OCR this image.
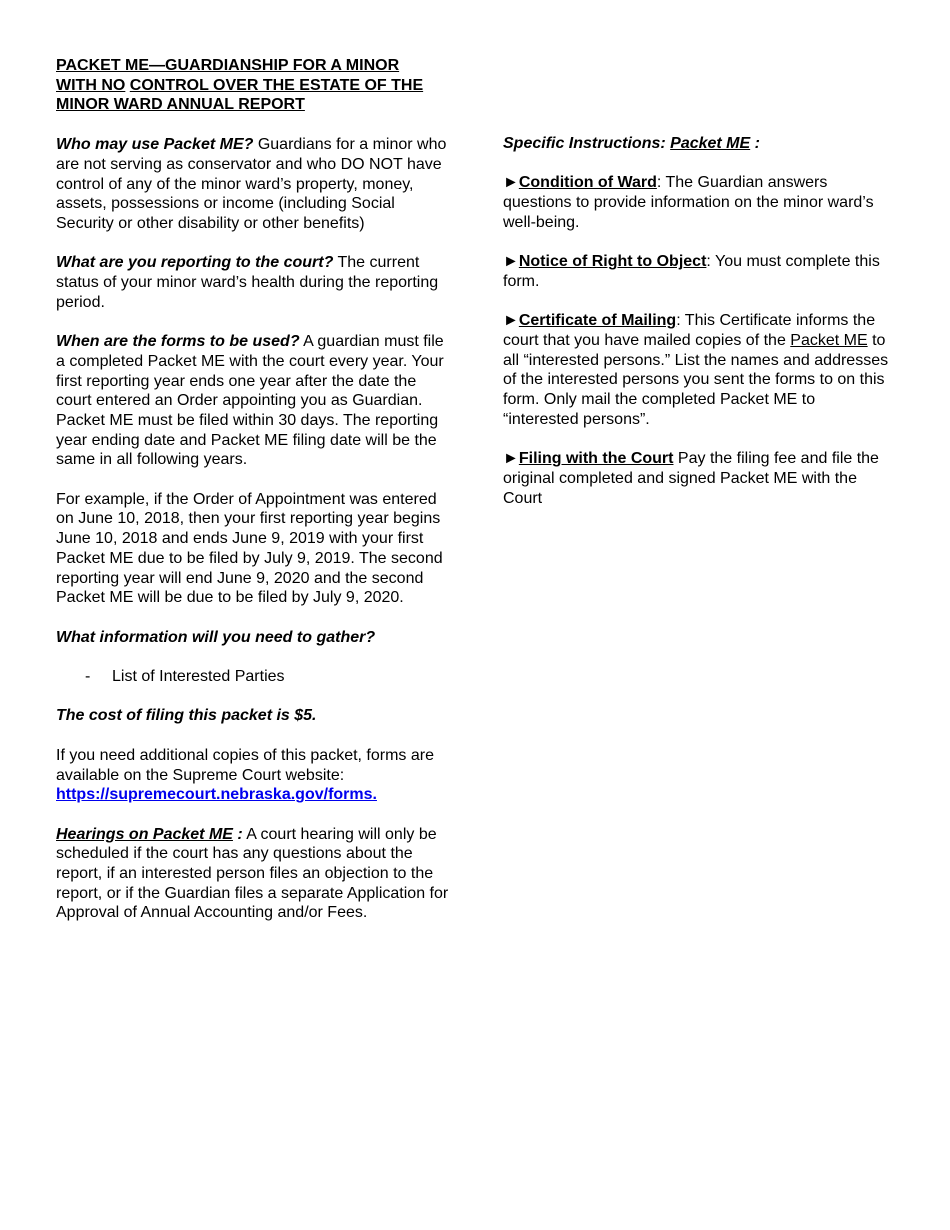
PACKET ME—GUARDIANSHIP FOR A MINOR
WITH NO CONTROL OVER THE ESTATE OF THE
MINOR WARD ANNUAL REPORT

Who may use Packet ME? Guardians for a minor who are not serving as conservator and who DO NOT have control of any of the minor ward’s property, money, assets, possessions or income (including Social Security or other disability or other benefits)

What are you reporting to the court? The current status of your minor ward’s health during the reporting period.

When are the forms to be used? A guardian must file a completed Packet ME with the court every year. Your first reporting year ends one year after the date the court entered an Order appointing you as Guardian. Packet ME must be filed within 30 days. The reporting year ending date and Packet ME filing date will be the same in all following years.

For example, if the Order of Appointment was entered on June 10, 2018, then your first reporting year begins June 10, 2018 and ends June 9, 2019 with your first Packet ME due to be filed by July 9, 2019. The second reporting year will end June 9, 2020 and the second Packet ME will be due to be filed by July 9, 2020.

What information will you need to gather?

- List of Interested Parties

The cost of filing this packet is $5.

If you need additional copies of this packet, forms are available on the Supreme Court website: https://supremecourt.nebraska.gov/forms.

Hearings on Packet ME : A court hearing will only be scheduled if the court has any questions about the report, if an interested person files an objection to the report, or if the Guardian files a separate Application for Approval of Annual Accounting and/or Fees.

Specific Instructions: Packet ME :

►Condition of Ward: The Guardian answers questions to provide information on the minor ward’s well-being.

►Notice of Right to Object: You must complete this form.

►Certificate of Mailing: This Certificate informs the court that you have mailed copies of the Packet ME to all “interested persons.” List the names and addresses of the interested persons you sent the forms to on this form. Only mail the completed Packet ME to “interested persons”.

►Filing with the Court Pay the filing fee and file the original completed and signed Packet ME with the Court
